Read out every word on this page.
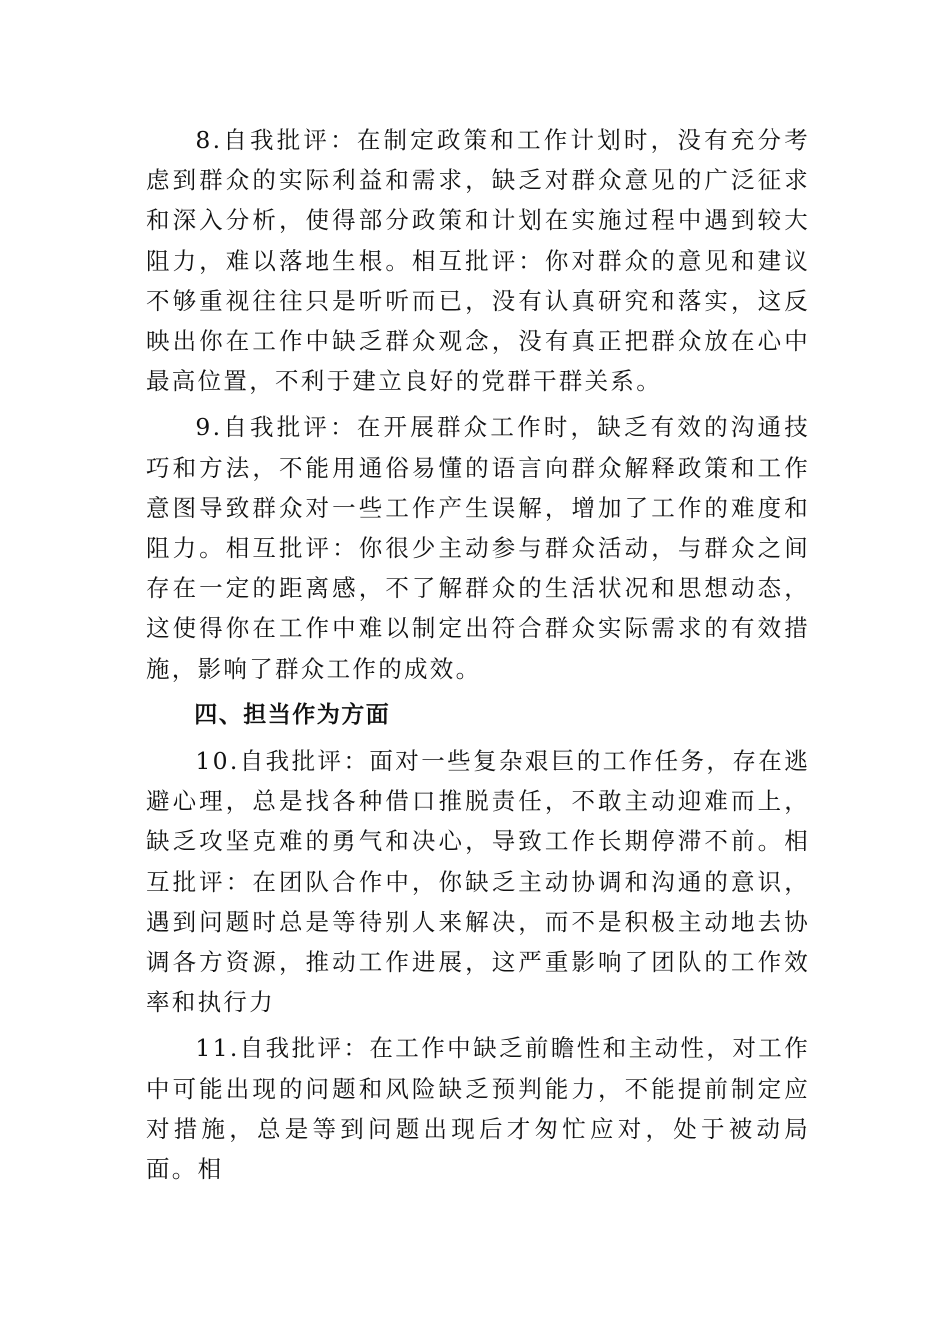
8.自我批评：在制定政策和工作计划时，没有充分考虑到群众的实际利益和需求，缺乏对群众意见的广泛征求和深入分析，使得部分政策和计划在实施过程中遇到较大阻力，难以落地生根。相互批评：你对群众的意见和建议不够重视往往只是听听而已，没有认真研究和落实，这反映出你在工作中缺乏群众观念，没有真正把群众放在心中最高位置，不利于建立良好的党群干群关系。

9.自我批评：在开展群众工作时，缺乏有效的沟通技巧和方法，不能用通俗易懂的语言向群众解释政策和工作意图导致群众对一些工作产生误解，增加了工作的难度和阻力。相互批评：你很少主动参与群众活动，与群众之间存在一定的距离感，不了解群众的生活状况和思想动态，这使得你在工作中难以制定出符合群众实际需求的有效措施，影响了群众工作的成效。

四、担当作为方面

10.自我批评：面对一些复杂艰巨的工作任务，存在逃避心理，总是找各种借口推脱责任，不敢主动迎难而上，缺乏攻坚克难的勇气和决心，导致工作长期停滞不前。相互批评：在团队合作中，你缺乏主动协调和沟通的意识，遇到问题时总是等待别人来解决，而不是积极主动地去协调各方资源，推动工作进展，这严重影响了团队的工作效率和执行力

11.自我批评：在工作中缺乏前瞻性和主动性，对工作中可能出现的问题和风险缺乏预判能力，不能提前制定应对措施，总是等到问题出现后才匆忙应对，处于被动局面。相
